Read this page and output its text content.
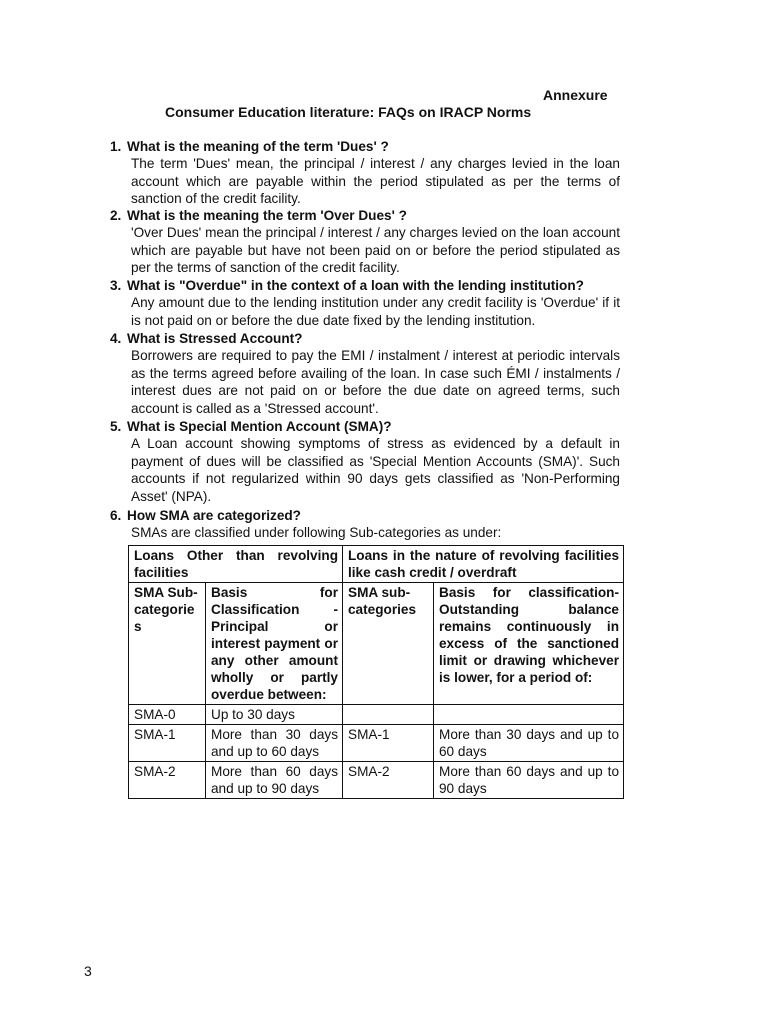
Annexure
Consumer Education literature: FAQs on IRACP Norms
1. What is the meaning of the term 'Dues' ?
The term 'Dues' mean, the principal / interest / any charges levied in the loan account which are payable within the period stipulated as per the terms of sanction of the credit facility.
2. What is the meaning the term 'Over Dues' ?
'Over Dues' mean the principal / interest / any charges levied on the loan account which are payable but have not been paid on or before the period stipulated as per the terms of sanction of the credit facility.
3. What is "Overdue" in the context of a loan with the lending institution?
Any amount due to the lending institution under any credit facility is 'Overdue' if it is not paid on or before the due date fixed by the lending institution.
4. What is Stressed Account?
Borrowers are required to pay the EMI / instalment / interest at periodic intervals as the terms agreed before availing of the loan. In case such ÉMI / instalments / interest dues are not paid on or before the due date on agreed terms, such account is called as a 'Stressed account'.
5. What is Special Mention Account (SMA)?
A Loan account showing symptoms of stress as evidenced by a default in payment of dues will be classified as 'Special Mention Accounts (SMA)'. Such accounts if not regularized within 90 days gets classified as 'Non-Performing Asset' (NPA).
6. How SMA are categorized?
SMAs are classified under following Sub-categories as under:
Loans Other than revolving facilities		Loans in the nature of revolving facilities like cash credit / overdraft	
SMA Sub-categories	Basis for Classification - Principal or interest payment or any other amount wholly or partly overdue between:	SMA sub-categories	Basis for classification- Outstanding balance remains continuously in excess of the sanctioned limit or drawing whichever is lower, for a period of:
SMA-0	Up to 30 days		
SMA-1	More than 30 days and up to 60 days	SMA-1	More than 30 days and up to 60 days
SMA-2	More than 60 days and up to 90 days	SMA-2	More than 60 days and up to 90 days
3
